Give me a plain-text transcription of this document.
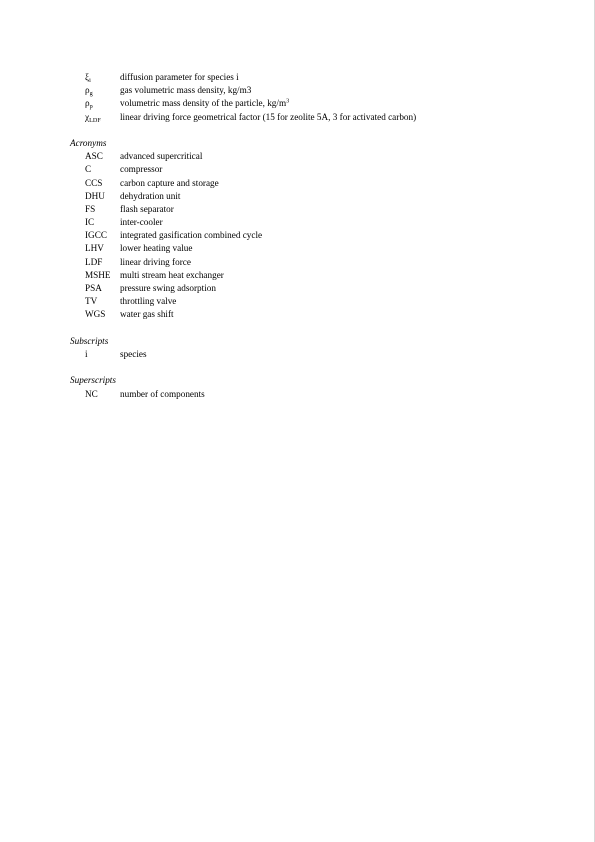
$\xi_i$	diffusion parameter for species i
$\rho_g$	gas volumetric mass density, kg/m3
$\rho_p$	volumetric mass density of the particle, $kg/m^3$
$\chi_{LDF}$	linear driving force geometrical factor (15 for zeolite 5A, 3 for activated carbon)
Acronyms
ASC	advanced supercritical
C	compressor
CCS	carbon capture and storage
DHU	dehydration unit
FS	flash separator
IC	inter-cooler
IGCC	integrated gasification combined cycle
LHV	lower heating value
LDF	linear driving force
MSHE	multi stream heat exchanger
PSA	pressure swing adsorption
TV	throttling valve
WGS	water gas shift
Subscripts
i	species
Superscripts
NC	number of components
